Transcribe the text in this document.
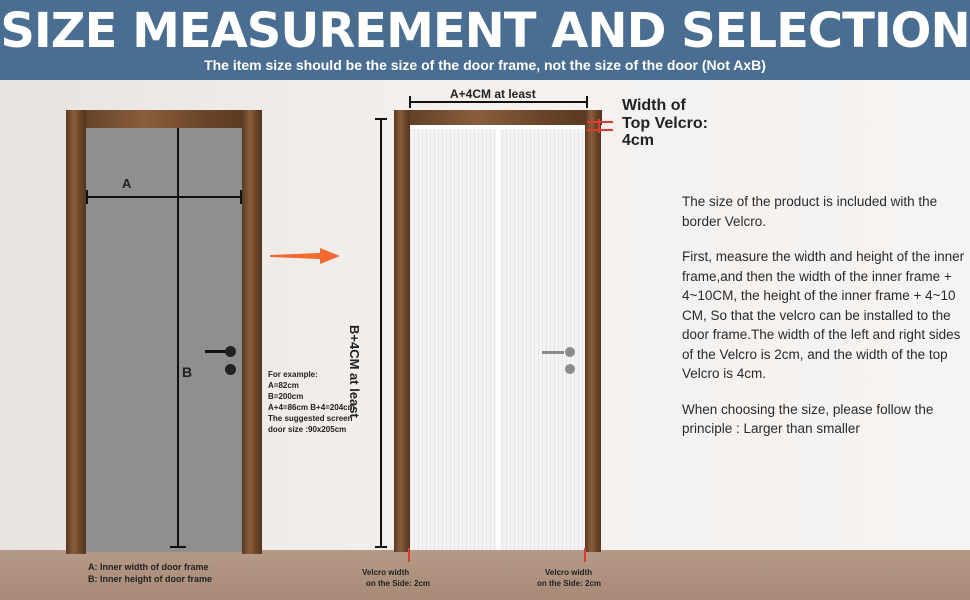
SIZE MEASUREMENT AND SELECTION
The item size should be the size of the door frame, not the size of the door (Not AxB)
A
B
A: Inner width of door frame
B: Inner height of door frame
For example:
A=82cm
B=200cm
A+4=86cm B+4=204cm
The suggested screen
door size :90x205cm
A+4CM at least
B+4CM at least
Width of
Top Velcro:
4cm
Velcro width
on the Side: 2cm
Velcro width
on the Side: 2cm

The size of the product is included with the border Velcro.

First, measure the width and height of the inner frame,and then the width of the inner frame + 4~10CM, the height of the inner frame + 4~10 CM, So that the velcro can be installed to the door frame.The width of the left and right sides of the Velcro is 2cm, and the width of the top Velcro is 4cm.

When choosing the size, please follow the principle : Larger than smaller
